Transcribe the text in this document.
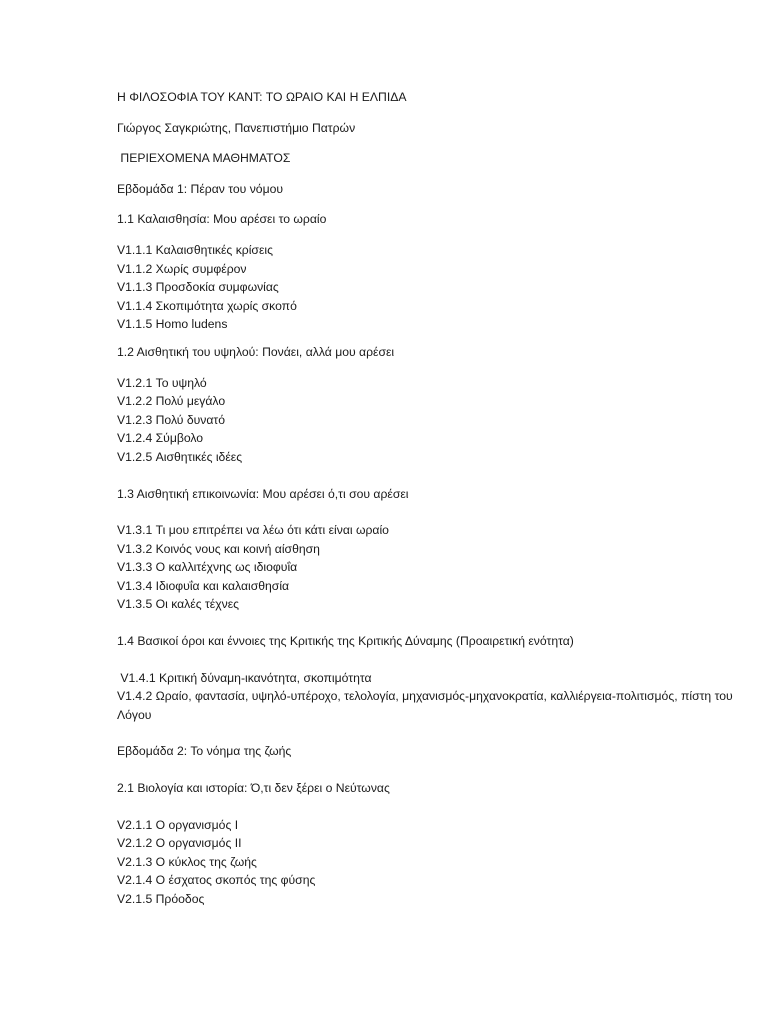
Η ΦΙΛΟΣΟΦΙΑ ΤΟΥ ΚΑΝΤ: ΤΟ ΩΡΑΙΟ ΚΑΙ Η ΕΛΠΙΔΑ
Γιώργος Σαγκριώτης, Πανεπιστήμιο Πατρών
ΠΕΡΙΕΧΟΜΕΝΑ ΜΑΘΗΜΑΤΟΣ
Εβδομάδα 1: Πέραν του νόμου
1.1 Καλαισθησία: Μου αρέσει το ωραίο
V1.1.1 Καλαισθητικές κρίσεις
V1.1.2 Χωρίς συμφέρον
V1.1.3 Προσδοκία συμφωνίας
V1.1.4 Σκοπιμότητα χωρίς σκοπό
V1.1.5 Homo ludens
1.2 Αισθητική του υψηλού: Πονάει, αλλά μου αρέσει
V1.2.1 Το υψηλό
V1.2.2 Πολύ μεγάλο
V1.2.3 Πολύ δυνατό
V1.2.4 Σύμβολο
V1.2.5 Αισθητικές ιδέες
1.3 Αισθητική επικοινωνία: Μου αρέσει ό,τι σου αρέσει
V1.3.1 Τι μου επιτρέπει να λέω ότι κάτι είναι ωραίο
V1.3.2 Κοινός νους και κοινή αίσθηση
V1.3.3 Ο καλλιτέχνης ως ιδιοφυΐα
V1.3.4 Ιδιοφυΐα και καλαισθησία
V1.3.5 Οι καλές τέχνες
1.4 Βασικοί όροι και έννοιες της Κριτικής της Κριτικής Δύναμης (Προαιρετική ενότητα)
V1.4.1 Κριτική δύναμη-ικανότητα, σκοπιμότητα
V1.4.2 Ωραίο, φαντασία, υψηλό-υπέροχο, τελολογία, μηχανισμός-μηχανοκρατία, καλλιέργεια-πολιτισμός, πίστη του Λόγου
Εβδομάδα 2: Το νόημα της ζωής
2.1 Βιολογία και ιστορία: Ό,τι δεν ξέρει ο Νεύτωνας
V2.1.1 Ο οργανισμός Ι
V2.1.2 Ο οργανισμός ΙΙ
V2.1.3 Ο κύκλος της ζωής
V2.1.4 Ο έσχατος σκοπός της φύσης
V2.1.5 Πρόοδος
